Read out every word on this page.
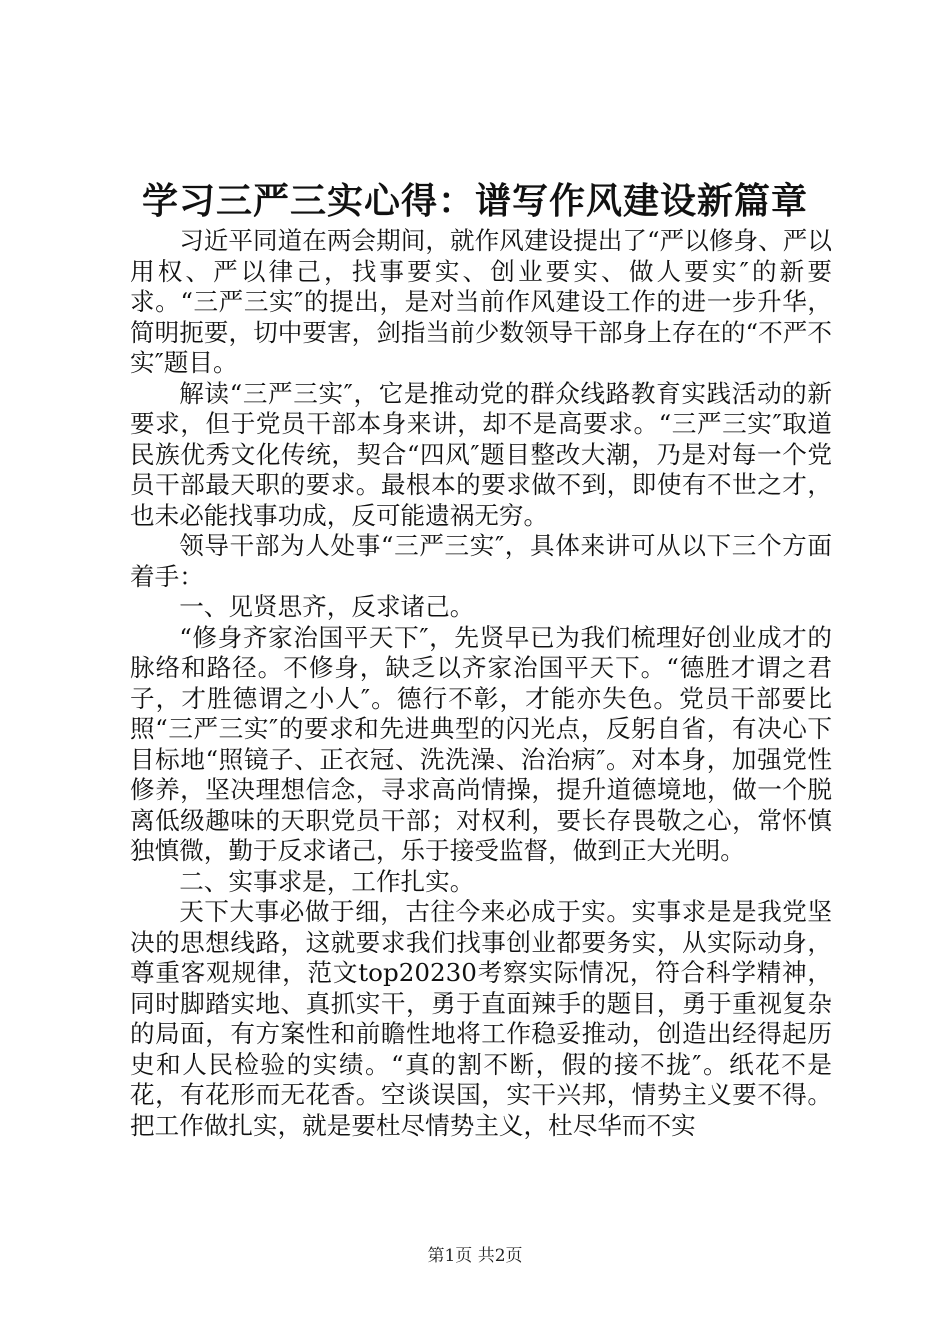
学习三严三实心得：谱写作风建设新篇章

习近平同道在两会期间，就作风建设提出了“严以修身、严以用权、严以律己，找事要实、创业要实、做人要实″的新要求。“三严三实″的提出，是对当前作风建设工作的进一步升华，简明扼要，切中要害，剑指当前少数领导干部身上存在的“不严不实″题目。

解读“三严三实″，它是推动党的群众线路教育实践活动的新要求，但于党员干部本身来讲，却不是高要求。“三严三实″取道民族优秀文化传统，契合“四风″题目整改大潮，乃是对每一个党员干部最天职的要求。最根本的要求做不到，即使有不世之才，也未必能找事功成，反可能遗祸无穷。

领导干部为人处事“三严三实″，具体来讲可从以下三个方面着手：

一、见贤思齐，反求诸己。

“修身齐家治国平天下″，先贤早已为我们梳理好创业成才的脉络和路径。不修身，缺乏以齐家治国平天下。“德胜才谓之君子，才胜德谓之小人″。德行不彰，才能亦失色。党员干部要比照“三严三实″的要求和先进典型的闪光点，反躬自省，有决心下目标地“照镜子、正衣冠、洗洗澡、治治病″。对本身，加强党性修养，坚决理想信念，寻求高尚情操，提升道德境地，做一个脱离低级趣味的天职党员干部；对权利，要长存畏敬之心，常怀慎独慎微，勤于反求诸己，乐于接受监督，做到正大光明。

二、实事求是，工作扎实。

天下大事必做于细，古往今来必成于实。实事求是是我党坚决的思想线路，这就要求我们找事创业都要务实，从实际动身，尊重客观规律，范文top20230考察实际情况，符合科学精神，同时脚踏实地、真抓实干，勇于直面辣手的题目，勇于重视复杂的局面，有方案性和前瞻性地将工作稳妥推动，创造出经得起历史和人民检验的实绩。“真的割不断，假的接不拢″。纸花不是花，有花形而无花香。空谈误国，实干兴邦，情势主义要不得。把工作做扎实，就是要杜尽情势主义，杜尽华而不实

第1页 共2页
